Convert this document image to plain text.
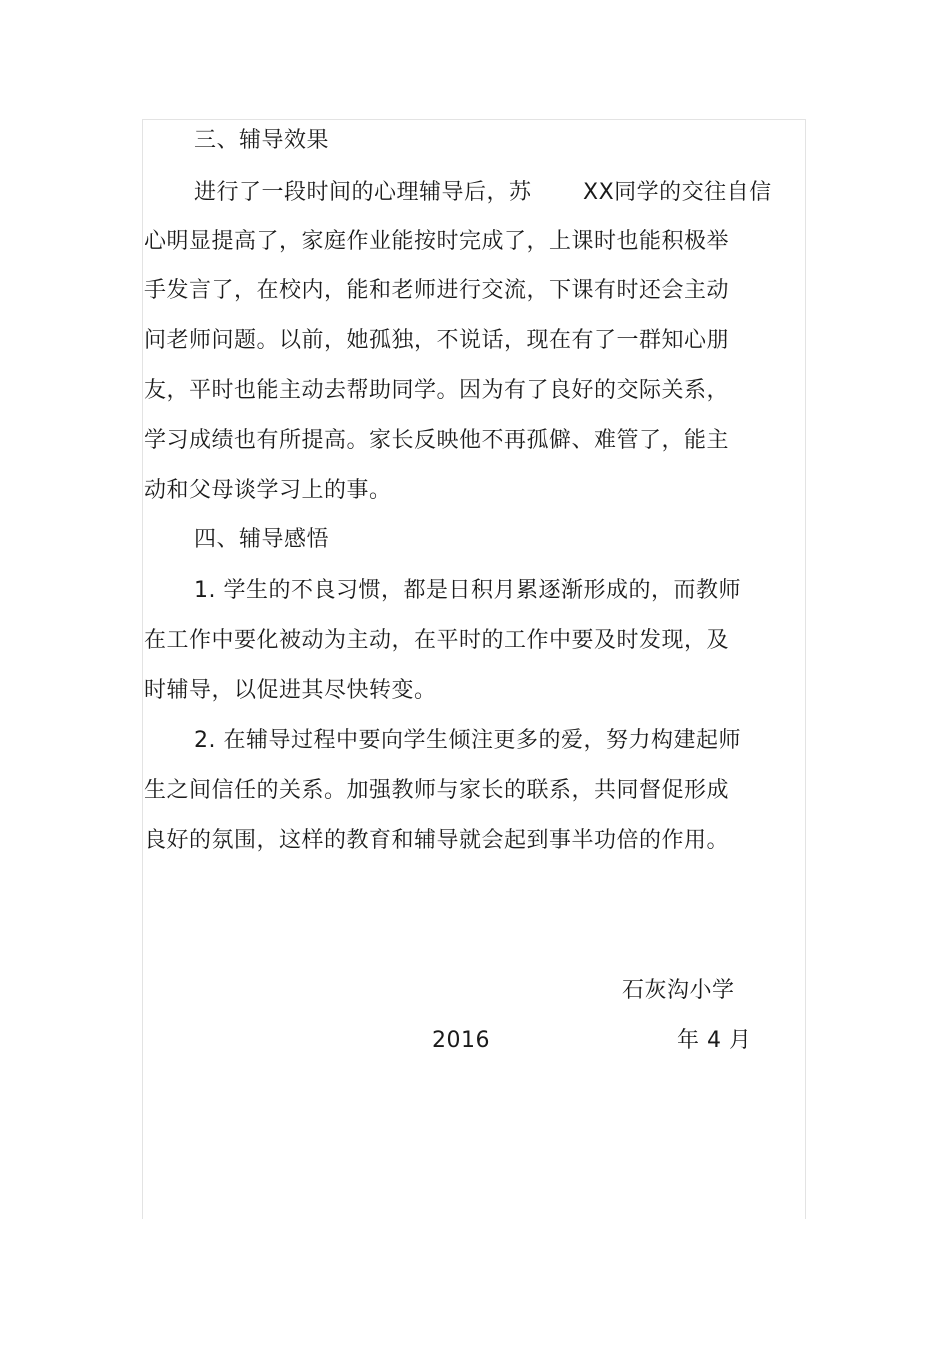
三、辅导效果
进行了一段时间的心理辅导后，苏 XX同学的交往自信
心明显提高了，家庭作业能按时完成了，上课时也能积极举
手发言了，在校内，能和老师进行交流，下课有时还会主动
问老师问题。以前，她孤独，不说话，现在有了一群知心朋
友，平时也能主动去帮助同学。因为有了良好的交际关系，
学习成绩也有所提高。家长反映他不再孤僻、难管了，能主
动和父母谈学习上的事。
四、辅导感悟
1. 学生的不良习惯，都是日积月累逐渐形成的，而教师
在工作中要化被动为主动，在平时的工作中要及时发现，及
时辅导，以促进其尽快转变。
2. 在辅导过程中要向学生倾注更多的爱，努力构建起师
生之间信任的关系。加强教师与家长的联系，共同督促形成
良好的氛围，这样的教育和辅导就会起到事半功倍的作用。
石灰沟小学
2016	年 4 月
